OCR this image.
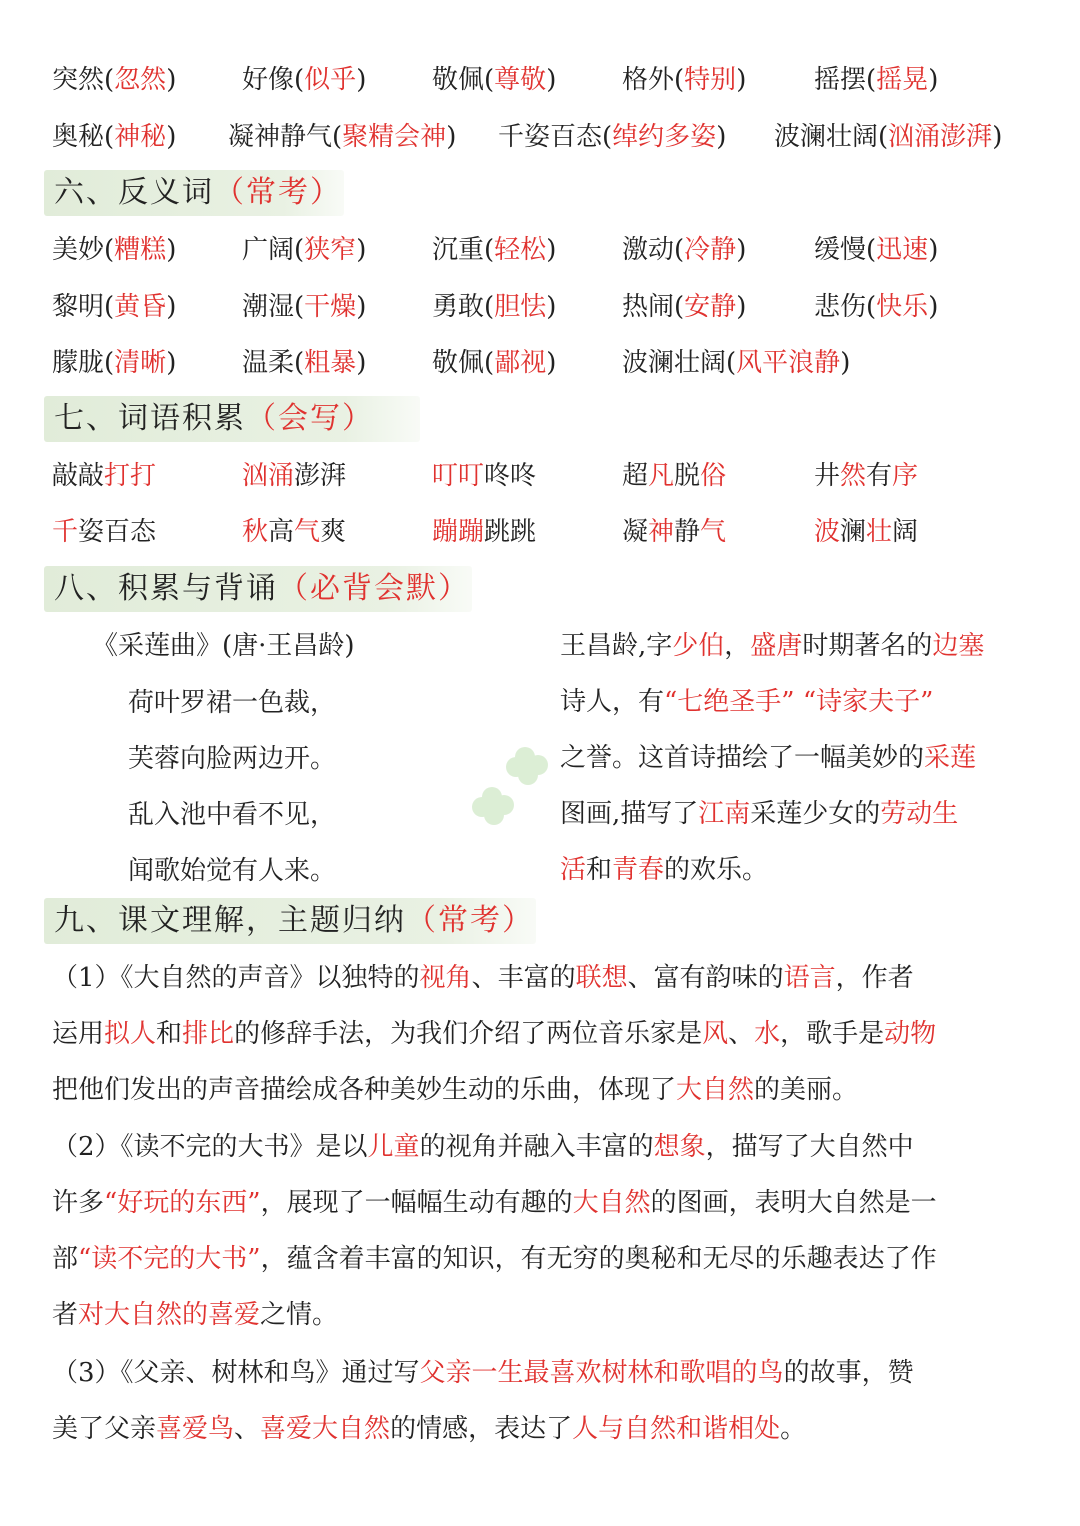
突然(忽然)	好像(似乎)	敬佩(尊敬)	格外(特别)	摇摆(摇晃)
奥秘(神秘) 凝神静气(聚精会神) 千姿百态(绰约多姿) 波澜壮阔(汹涌澎湃)
六、反义词（常考）
美妙(糟糕)	广阔(狭窄)	沉重(轻松)	激动(冷静)	缓慢(迅速)
黎明(黄昏)	潮湿(干燥)	勇敢(胆怯)	热闹(安静)	悲伤(快乐)
朦胧(清晰)	温柔(粗暴)	敬佩(鄙视)	波澜壮阔(风平浪静)
七、词语积累（会写）
敲敲打打	汹涌澎湃	叮叮咚咚	超凡脱俗	井然有序
千姿百态	秋高气爽	蹦蹦跳跳	凝神静气	波澜壮阔
八、积累与背诵（必背会默）
《采莲曲》(唐·王昌龄)
荷叶罗裙一色裁，
芙蓉向脸两边开。
乱入池中看不见，
闻歌始觉有人来。
王昌龄,字少伯，盛唐时期著名的边塞
诗人，有“七绝圣手” “诗家夫子”
之誉。这首诗描绘了一幅美妙的采莲
图画,描写了江南采莲少女的劳动生
活和青春的欢乐。
九、课文理解，主题归纳（常考）
（1）《大自然的声音》以独特的视角、丰富的联想、富有韵味的语言，作者
运用拟人和排比的修辞手法，为我们介绍了两位音乐家是风、水，歌手是动物
把他们发出的声音描绘成各种美妙生动的乐曲，体现了大自然的美丽。
（2）《读不完的大书》是以儿童的视角并融入丰富的想象，描写了大自然中
许多“好玩的东西”，展现了一幅幅生动有趣的大自然的图画，表明大自然是一
部“读不完的大书”，蕴含着丰富的知识，有无穷的奥秘和无尽的乐趣表达了作
者对大自然的喜爱之情。
（3）《父亲、树林和鸟》通过写父亲一生最喜欢树林和歌唱的鸟的故事，赞
美了父亲喜爱鸟、喜爱大自然的情感，表达了人与自然和谐相处。
